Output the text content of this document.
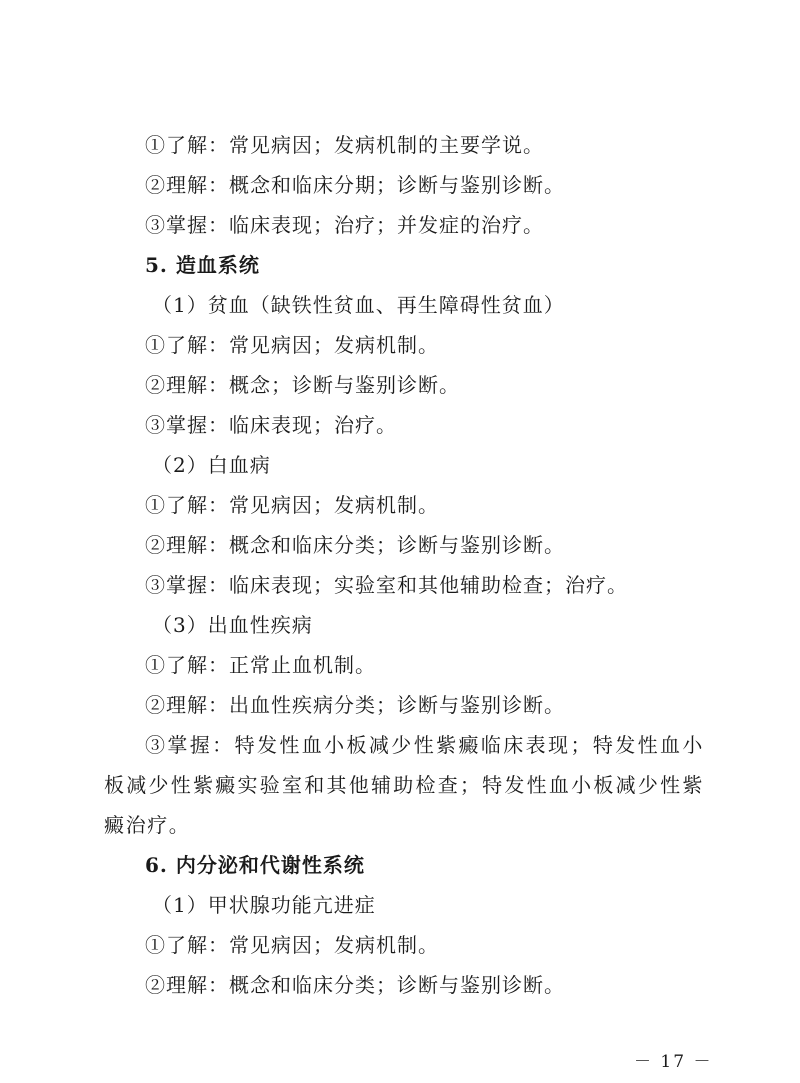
①了解：常见病因；发病机制的主要学说。
②理解：概念和临床分期；诊断与鉴别诊断。
③掌握：临床表现；治疗；并发症的治疗。
5. 造血系统
（1）贫血（缺铁性贫血、再生障碍性贫血）
①了解：常见病因；发病机制。
②理解：概念；诊断与鉴别诊断。
③掌握：临床表现；治疗。
（2）白血病
①了解：常见病因；发病机制。
②理解：概念和临床分类；诊断与鉴别诊断。
③掌握：临床表现；实验室和其他辅助检查；治疗。
（3）出血性疾病
①了解：正常止血机制。
②理解：出血性疾病分类；诊断与鉴别诊断。
③掌握：特发性血小板减少性紫癜临床表现；特发性血小板减少性紫癜实验室和其他辅助检查；特发性血小板减少性紫癜治疗。
6. 内分泌和代谢性系统
（1）甲状腺功能亢进症
①了解：常见病因；发病机制。
②理解：概念和临床分类；诊断与鉴别诊断。
－ 17 －
